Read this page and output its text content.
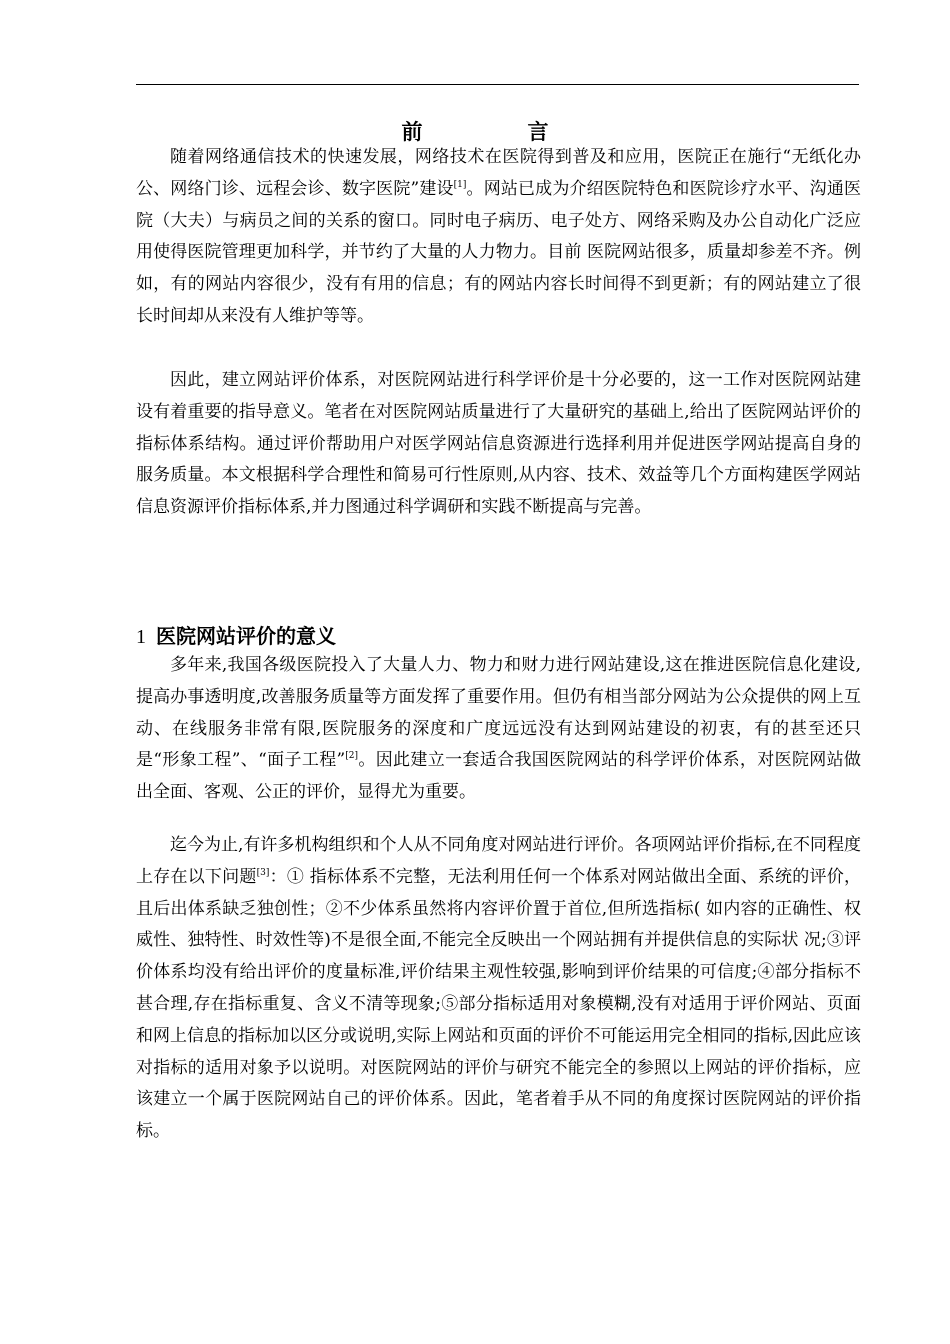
前　言

随着网络通信技术的快速发展，网络技术在医院得到普及和应用，医院正在施行“无纸化办公、网络门诊、远程会诊、数字医院”建设[1]。网站已成为介绍医院特色和医院诊疗水平、沟通医院（大夫）与病员之间的关系的窗口。同时电子病历、电子处方、网络采购及办公自动化广泛应用使得医院管理更加科学，并节约了大量的人力物力。目前 医院网站很多，质量却参差不齐。例如，有的网站内容很少，没有有用的信息；有的网站内容长时间得不到更新；有的网站建立了很长时间却从来没有人维护等等。

因此，建立网站评价体系，对医院网站进行科学评价是十分必要的，这一工作对医院网站建设有着重要的指导意义。笔者在对医院网站质量进行了大量研究的基础上,给出了医院网站评价的指标体系结构。通过评价帮助用户对医学网站信息资源进行选择利用并促进医学网站提高自身的服务质量。本文根据科学合理性和简易可行性原则,从内容、技术、效益等几个方面构建医学网站信息资源评价指标体系,并力图通过科学调研和实践不断提高与完善。

1 医院网站评价的意义

多年来,我国各级医院投入了大量人力、物力和财力进行网站建设,这在推进医院信息化建设,提高办事透明度,改善服务质量等方面发挥了重要作用。但仍有相当部分网站为公众提供的网上互动、在线服务非常有限,医院服务的深度和广度远远没有达到网站建设的初衷，有的甚至还只是“形象工程”、“面子工程”[2]。因此建立一套适合我国医院网站的科学评价体系，对医院网站做出全面、客观、公正的评价，显得尤为重要。

迄今为止,有许多机构组织和个人从不同角度对网站进行评价。各项网站评价指标,在不同程度上存在以下问题[3]：① 指标体系不完整，无法利用任何一个体系对网站做出全面、系统的评价，且后出体系缺乏独创性；②不少体系虽然将内容评价置于首位,但所选指标( 如内容的正确性、权威性、独特性、时效性等)不是很全面,不能完全反映出一个网站拥有并提供信息的实际状 况;③评价体系均没有给出评价的度量标准,评价结果主观性较强,影响到评价结果的可信度;④部分指标不甚合理,存在指标重复、含义不清等现象;⑤部分指标适用对象模糊,没有对适用于评价网站、页面和网上信息的指标加以区分或说明,实际上网站和页面的评价不可能运用完全相同的指标,因此应该对指标的适用对象予以说明。对医院网站的评价与研究不能完全的参照以上网站的评价指标，应该建立一个属于医院网站自己的评价体系。因此，笔者着手从不同的角度探讨医院网站的评价指标。
